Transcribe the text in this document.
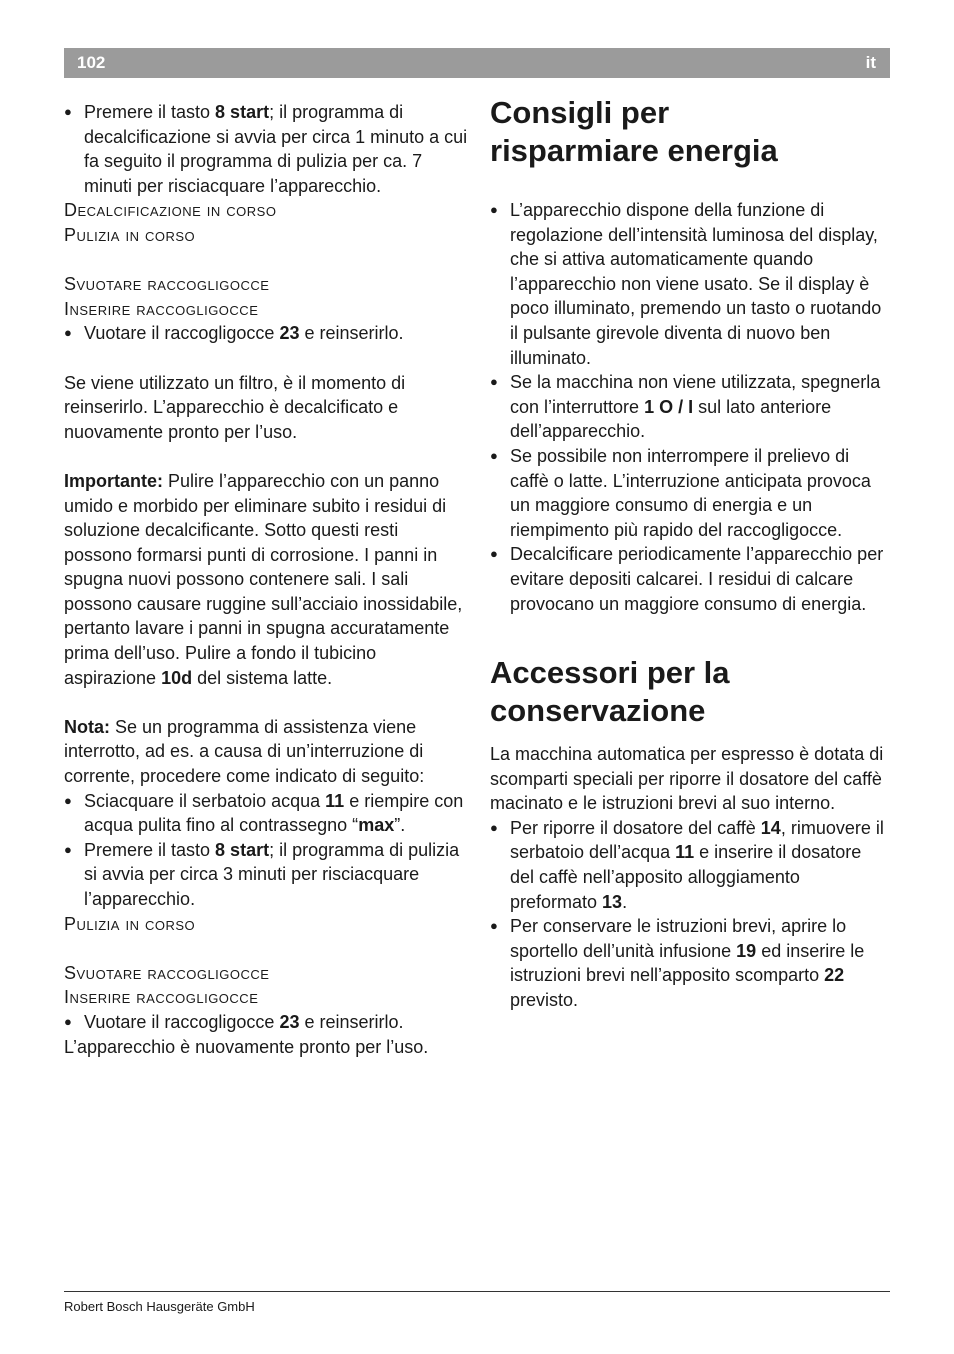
102	it

● Premere il tasto 8 start; il programma di decalcificazione si avvia per circa 1 minuto a cui fa seguito il programma di pulizia per ca. 7 minuti per risciacquare l’apparecchio.

Decalcificazione in corso

Pulizia in corso

Svuotare raccogligocce

Inserire raccogligocce

● Vuotare il raccogligocce 23 e reinserirlo.

Se viene utilizzato un filtro, è il momento di reinserirlo. L’apparecchio è decalcificato e nuovamente pronto per l’uso.

Importante: Pulire l’apparecchio con un panno umido e morbido per eliminare subito i residui di soluzione decalcificante. Sotto questi resti possono formarsi punti di corrosione. I panni in spugna nuovi possono contenere sali. I sali possono causare ruggine sull’acciaio inossidabile, pertanto lavare i panni in spugna accuratamente prima dell’uso. Pulire a fondo il tubicino aspirazione 10d del sistema latte.

Nota: Se un programma di assistenza viene interrotto, ad es. a causa di un’interruzione di corrente, procedere come indicato di seguito:

● Sciacquare il serbatoio acqua 11 e riempire con acqua pulita fino al contrassegno “max”.

● Premere il tasto 8 start; il programma di pulizia si avvia per circa 3 minuti per risciacquare l’apparecchio.

Pulizia in corso

Svuotare raccogligocce

Inserire raccogligocce

● Vuotare il raccogligocce 23 e reinserirlo.

L’apparecchio è nuovamente pronto per l’uso.

Consigli per
risparmiare energia

● L’apparecchio dispone della funzione di regolazione dell’intensità luminosa del display, che si attiva automaticamente quando l’apparecchio non viene usato. Se il display è poco illuminato, premendo un tasto o ruotando il pulsante girevole diventa di nuovo ben illuminato.

● Se la macchina non viene utilizzata, spegnerla con l’interruttore 1 O / I sul lato anteriore dell’apparecchio.

● Se possibile non interrompere il prelievo di caffè o latte. L’interruzione anticipata provoca un maggiore consumo di energia e un riempimento più rapido del raccogligocce.

● Decalcificare periodicamente l’apparecchio per evitare depositi calcarei. I residui di calcare provocano un maggiore consumo di energia.

Accessori per la
conservazione

La macchina automatica per espresso è dotata di scomparti speciali per riporre il dosatore del caffè macinato e le istruzioni brevi al suo interno.

● Per riporre il dosatore del caffè 14, rimuovere il serbatoio dell’acqua 11 e inserire il dosatore del caffè nell’apposito alloggiamento preformato 13.

● Per conservare le istruzioni brevi, aprire lo sportello dell’unità infusione 19 ed inserire le istruzioni brevi nell’apposito scomparto 22 previsto.

Robert Bosch Hausgeräte GmbH
